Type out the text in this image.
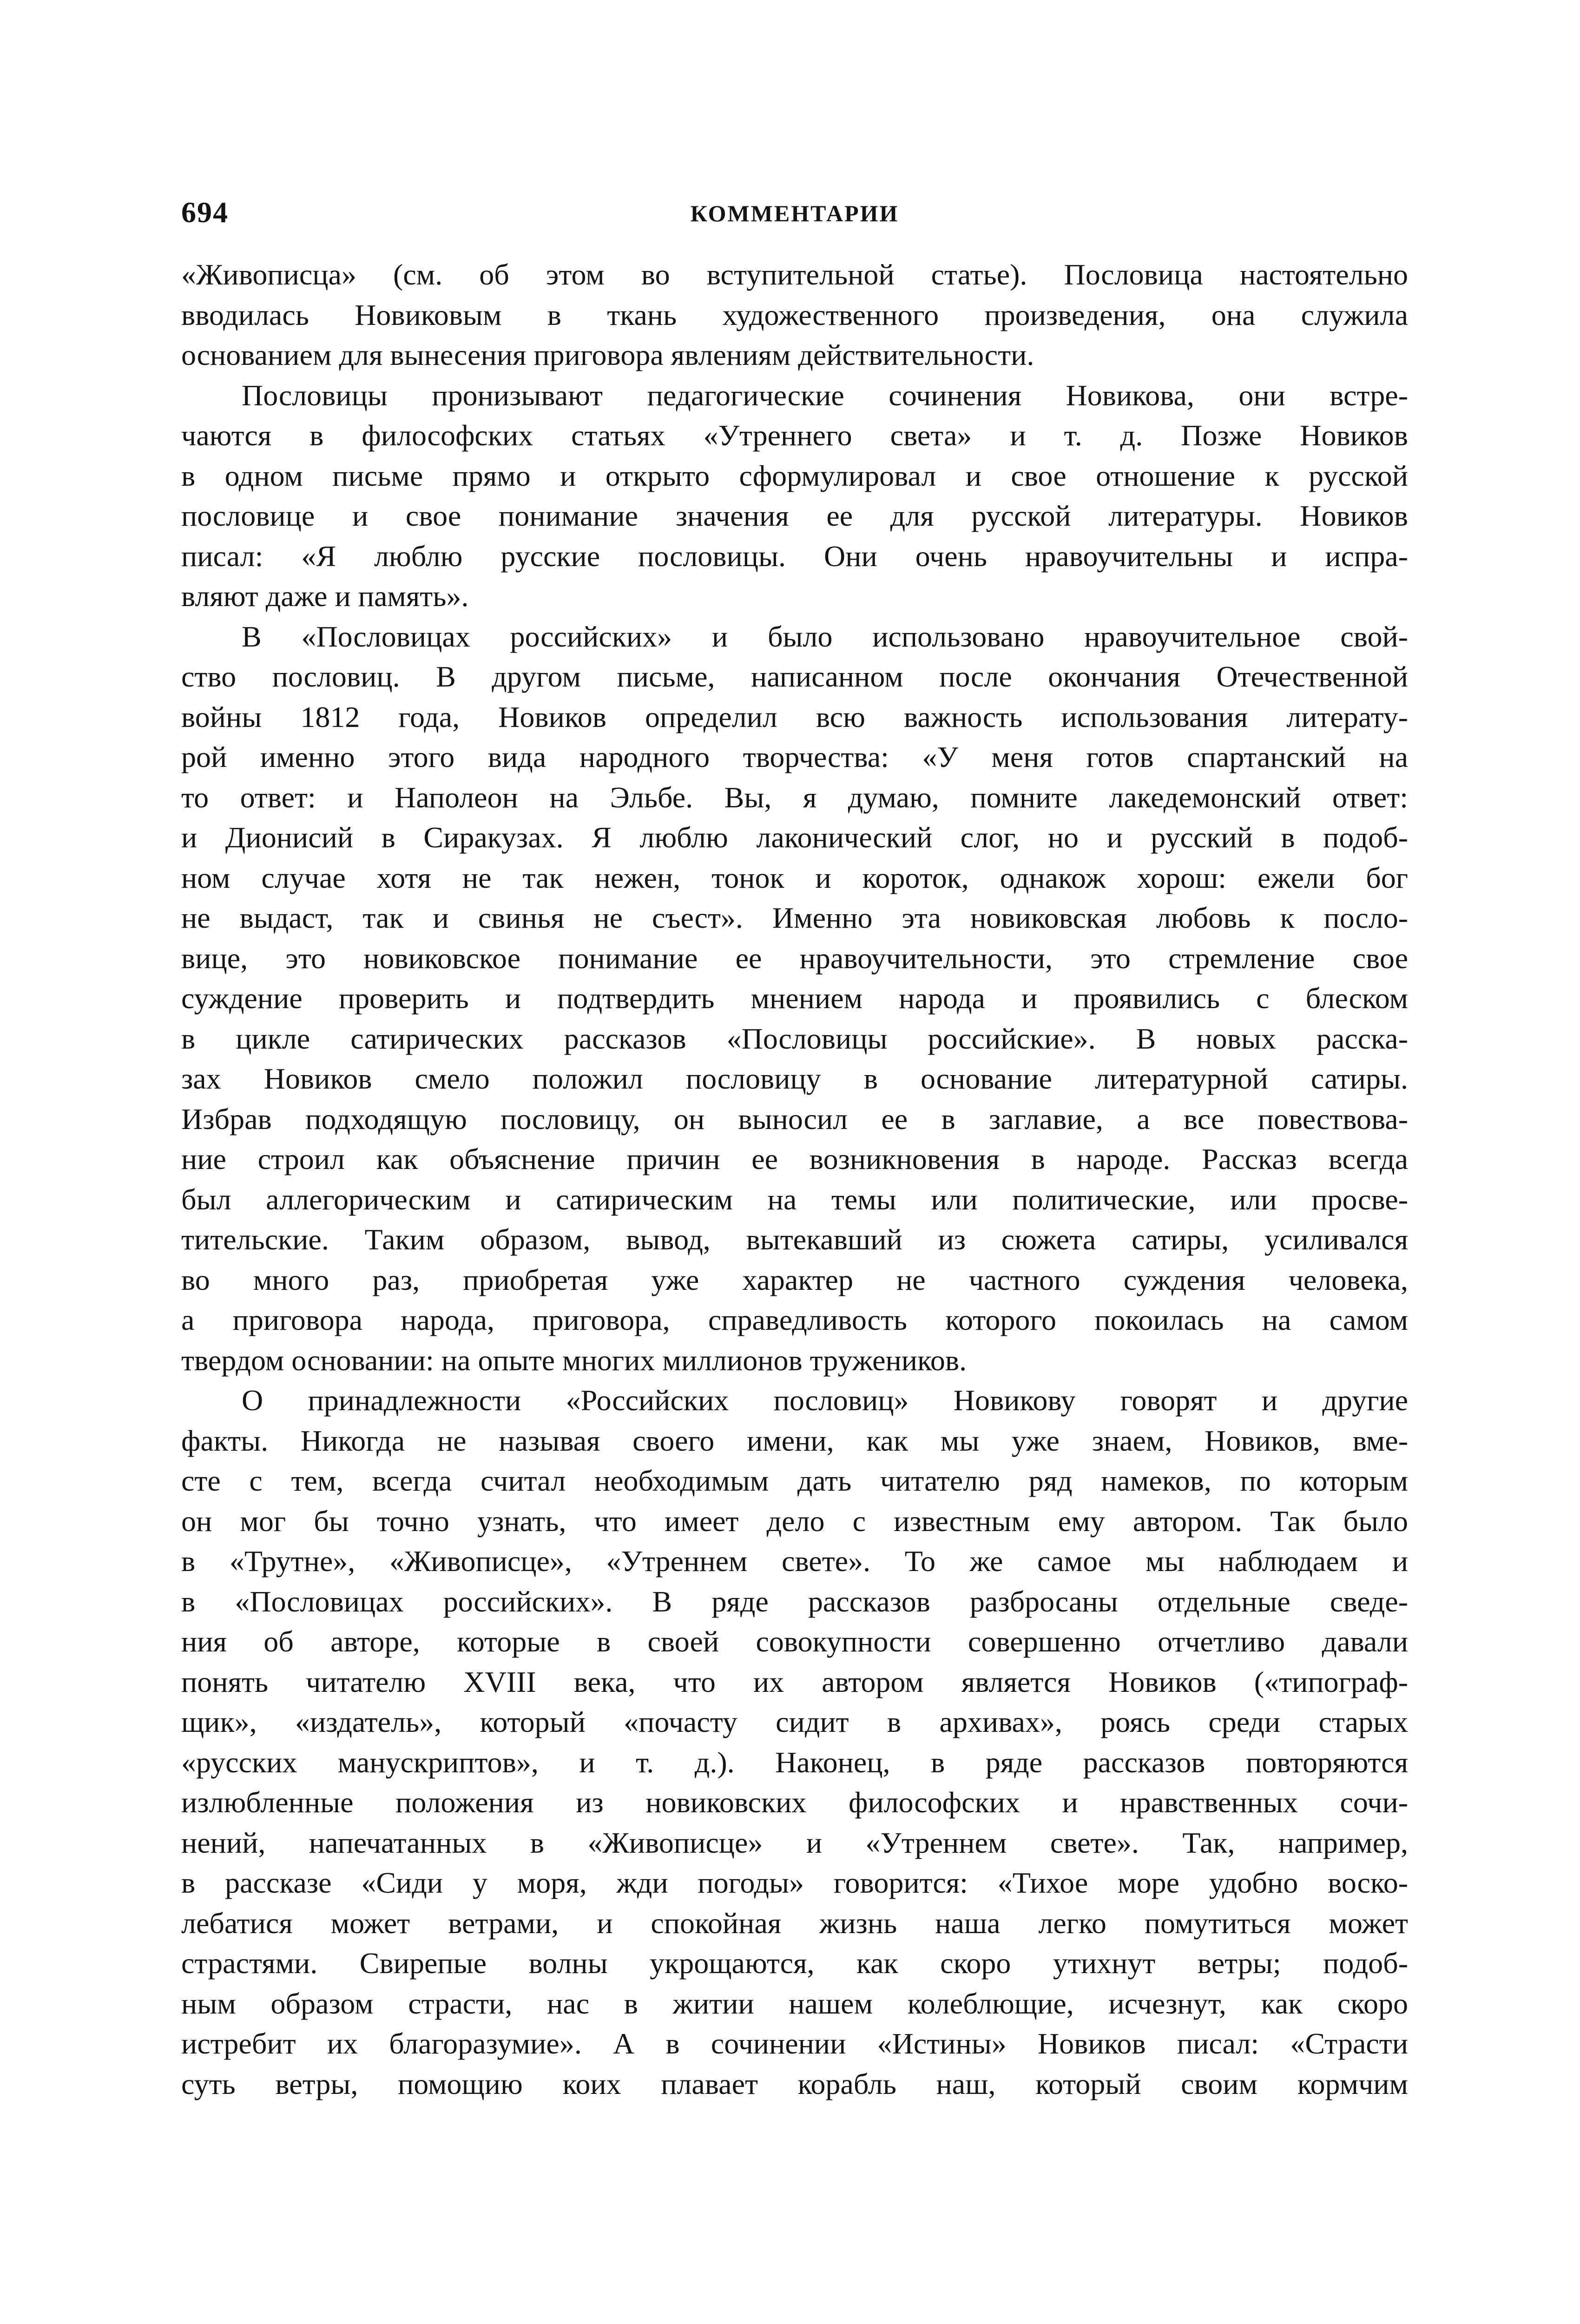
694	КОММЕНТАРИИ
«Живописца» (см. об этом во вступительной статье). Пословица настоятельно
вводилась Новиковым в ткань художественного произведения, она служила
основанием для вынесения приговора явлениям действительности.
Пословицы пронизывают педагогические сочинения Новикова, они встре-
чаются в философских статьях «Утреннего света» и т. д. Позже Новиков
в одном письме прямо и открыто сформулировал и свое отношение к русской
пословице и свое понимание значения ее для русской литературы. Новиков
писал: «Я люблю русские пословицы. Они очень нравоучительны и испра-
вляют даже и память».
В «Пословицах российских» и было использовано нравоучительное свой-
ство пословиц. В другом письме, написанном после окончания Отечественной
войны 1812 года, Новиков определил всю важность использования литерату-
рой именно этого вида народного творчества: «У меня готов спартанский на
то ответ: и Наполеон на Эльбе. Вы, я думаю, помните лакедемонский ответ:
и Дионисий в Сиракузах. Я люблю лаконический слог, но и русский в подоб-
ном случае хотя не так нежен, тонок и короток, однакож хорош: ежели бог
не выдаст, так и свинья не съест». Именно эта новиковская любовь к посло-
вице, это новиковское понимание ее нравоучительности, это стремление свое
суждение проверить и подтвердить мнением народа и проявились с блеском
в цикле сатирических рассказов «Пословицы российские». В новых расска-
зах Новиков смело положил пословицу в основание литературной сатиры.
Избрав подходящую пословицу, он выносил ее в заглавие, а все повествова-
ние строил как объяснение причин ее возникновения в народе. Рассказ всегда
был аллегорическим и сатирическим на темы или политические, или просве-
тительские. Таким образом, вывод, вытекавший из сюжета сатиры, усиливался
во много раз, приобретая уже характер не частного суждения человека,
а приговора народа, приговора, справедливость которого покоилась на самом
твердом основании: на опыте многих миллионов тружеников.
О принадлежности «Российских пословиц» Новикову говорят и другие
факты. Никогда не называя своего имени, как мы уже знаем, Новиков, вме-
сте с тем, всегда считал необходимым дать читателю ряд намеков, по которым
он мог бы точно узнать, что имеет дело с известным ему автором. Так было
в «Трутне», «Живописце», «Утреннем свете». То же самое мы наблюдаем и
в «Пословицах российских». В ряде рассказов разбросаны отдельные сведе-
ния об авторе, которые в своей совокупности совершенно отчетливо давали
понять читателю XVIII века, что их автором является Новиков («типограф-
щик», «издатель», который «почасту сидит в архивах», роясь среди старых
«русских манускриптов», и т. д.). Наконец, в ряде рассказов повторяются
излюбленные положения из новиковских философских и нравственных сочи-
нений, напечатанных в «Живописце» и «Утреннем свете». Так, например,
в рассказе «Сиди у моря, жди погоды» говорится: «Тихое море удобно воско-
лебатися может ветрами, и спокойная жизнь наша легко помутиться может
страстями. Свирепые волны укрощаются, как скоро утихнут ветры; подоб-
ным образом страсти, нас в житии нашем колеблющие, исчезнут, как скоро
истребит их благоразумие». А в сочинении «Истины» Новиков писал: «Страсти
суть ветры, помощию коих плавает корабль наш, который своим кормчим
